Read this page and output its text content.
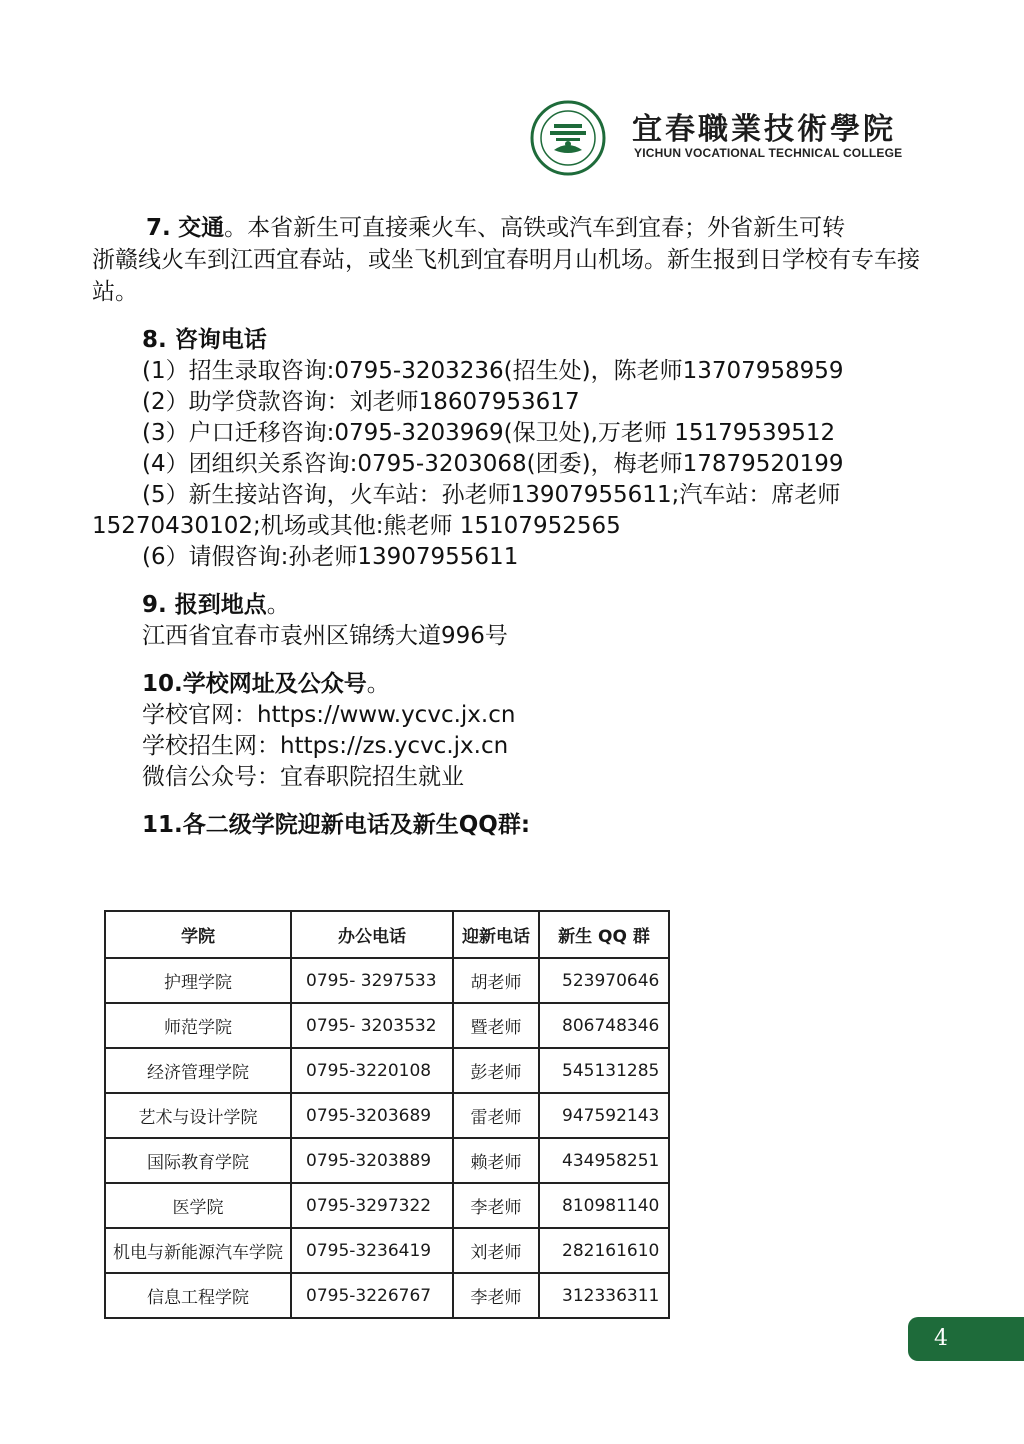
宜春職業技術學院
YICHUN VOCATIONAL TECHNICAL COLLEGE

7. 交通。本省新生可直接乘火车、高铁或汽车到宜春；外省新生可转
浙赣线火车到江西宜春站，或坐飞机到宜春明月山机场。新生报到日学校有专车接站。

8. 咨询电话

(1）招生录取咨询:0795-3203236(招生处)，陈老师13707958959

(2）助学贷款咨询：刘老师18607953617

(3）户口迁移咨询:0795-3203969(保卫处),万老师 15179539512

(4）团组织关系咨询:0795-3203068(团委)，梅老师17879520199

(5）新生接站咨询，火车站：孙老师13907955611;汽车站：席老师15270430102;机场或其他:熊老师 15107952565

(6）请假咨询:孙老师13907955611

9. 报到地点。

江西省宜春市袁州区锦绣大道996号

10.学校网址及公众号。

学校官网：https://www.ycvc.jx.cn

学校招生网：https://zs.ycvc.jx.cn

微信公众号：宜春职院招生就业

11.各二级学院迎新电话及新生QQ群:

学院	办公电话	迎新电话	新生 QQ 群
护理学院	0795- 3297533	胡老师	523970646
师范学院	0795- 3203532	暨老师	806748346
经济管理学院	0795-3220108	彭老师	545131285
艺术与设计学院	0795-3203689	雷老师	947592143
国际教育学院	0795-3203889	赖老师	434958251
医学院	0795-3297322	李老师	810981140
机电与新能源汽车学院	0795-3236419	刘老师	282161610
信息工程学院	0795-3226767	李老师	312336311
4
